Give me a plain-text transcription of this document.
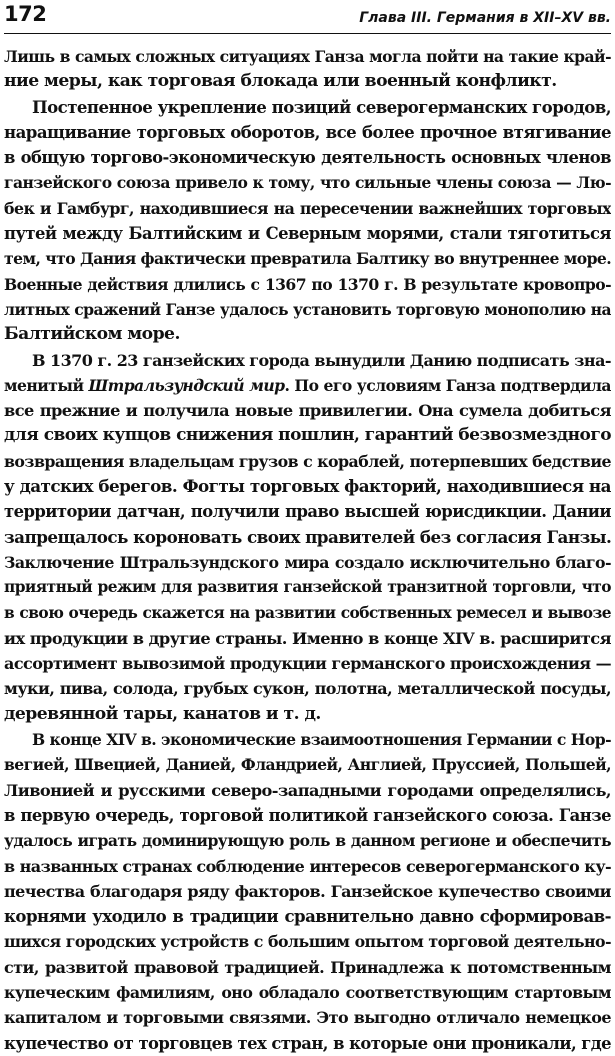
172	Глава III. Германия в XII–XV вв.
Лишь в самых сложных ситуациях Ганза могла пойти на такие край-
ние меры, как торговая блокада или военный конфликт.
Постепенное укрепление позиций северогерманских городов,
наращивание торговых оборотов, все более прочное втягивание
в общую торгово-экономическую деятельность основных членов
ганзейского союза привело к тому, что сильные члены союза — Лю-
бек и Гамбург, находившиеся на пересечении важнейших торговых
путей между Балтийским и Северным морями, стали тяготиться
тем, что Дания фактически превратила Балтику во внутреннее море.
Военные действия длились с 1367 по 1370 г. В результате кровопро-
литных сражений Ганзе удалось установить торговую монополию на
Балтийском море.
В 1370 г. 23 ганзейских города вынудили Данию подписать зна-
менитый Штральзундский мир. По его условиям Ганза подтвердила
все прежние и получила новые привилегии. Она сумела добиться
для своих купцов снижения пошлин, гарантий безвозмездного
возвращения владельцам грузов с кораблей, потерпевших бедствие
у датских берегов. Фогты торговых факторий, находившиеся на
территории датчан, получили право высшей юрисдикции. Дании
запрещалось короновать своих правителей без согласия Ганзы.
Заключение Штральзундского мира создало исключительно благо-
приятный режим для развития ганзейской транзитной торговли, что
в свою очередь скажется на развитии собственных ремесел и вывозе
их продукции в другие страны. Именно в конце XIV в. расширится
ассортимент вывозимой продукции германского происхождения —
муки, пива, солода, грубых сукон, полотна, металлической посуды,
деревянной тары, канатов и т. д.
В конце XIV в. экономические взаимоотношения Германии с Нор-
вегией, Швецией, Данией, Фландрией, Англией, Пруссией, Польшей,
Ливонией и русскими северо-западными городами определялись,
в первую очередь, торговой политикой ганзейского союза. Ганзе
удалось играть доминирующую роль в данном регионе и обеспечить
в названных странах соблюдение интересов северогерманского ку-
печества благодаря ряду факторов. Ганзейское купечество своими
корнями уходило в традиции сравнительно давно сформировав-
шихся городских устройств с большим опытом торговой деятельно-
сти, развитой правовой традицией. Принадлежа к потомственным
купеческим фамилиям, оно обладало соответствующим стартовым
капиталом и торговыми связями. Это выгодно отличало немецкое
купечество от торговцев тех стран, в которые они проникали, где
